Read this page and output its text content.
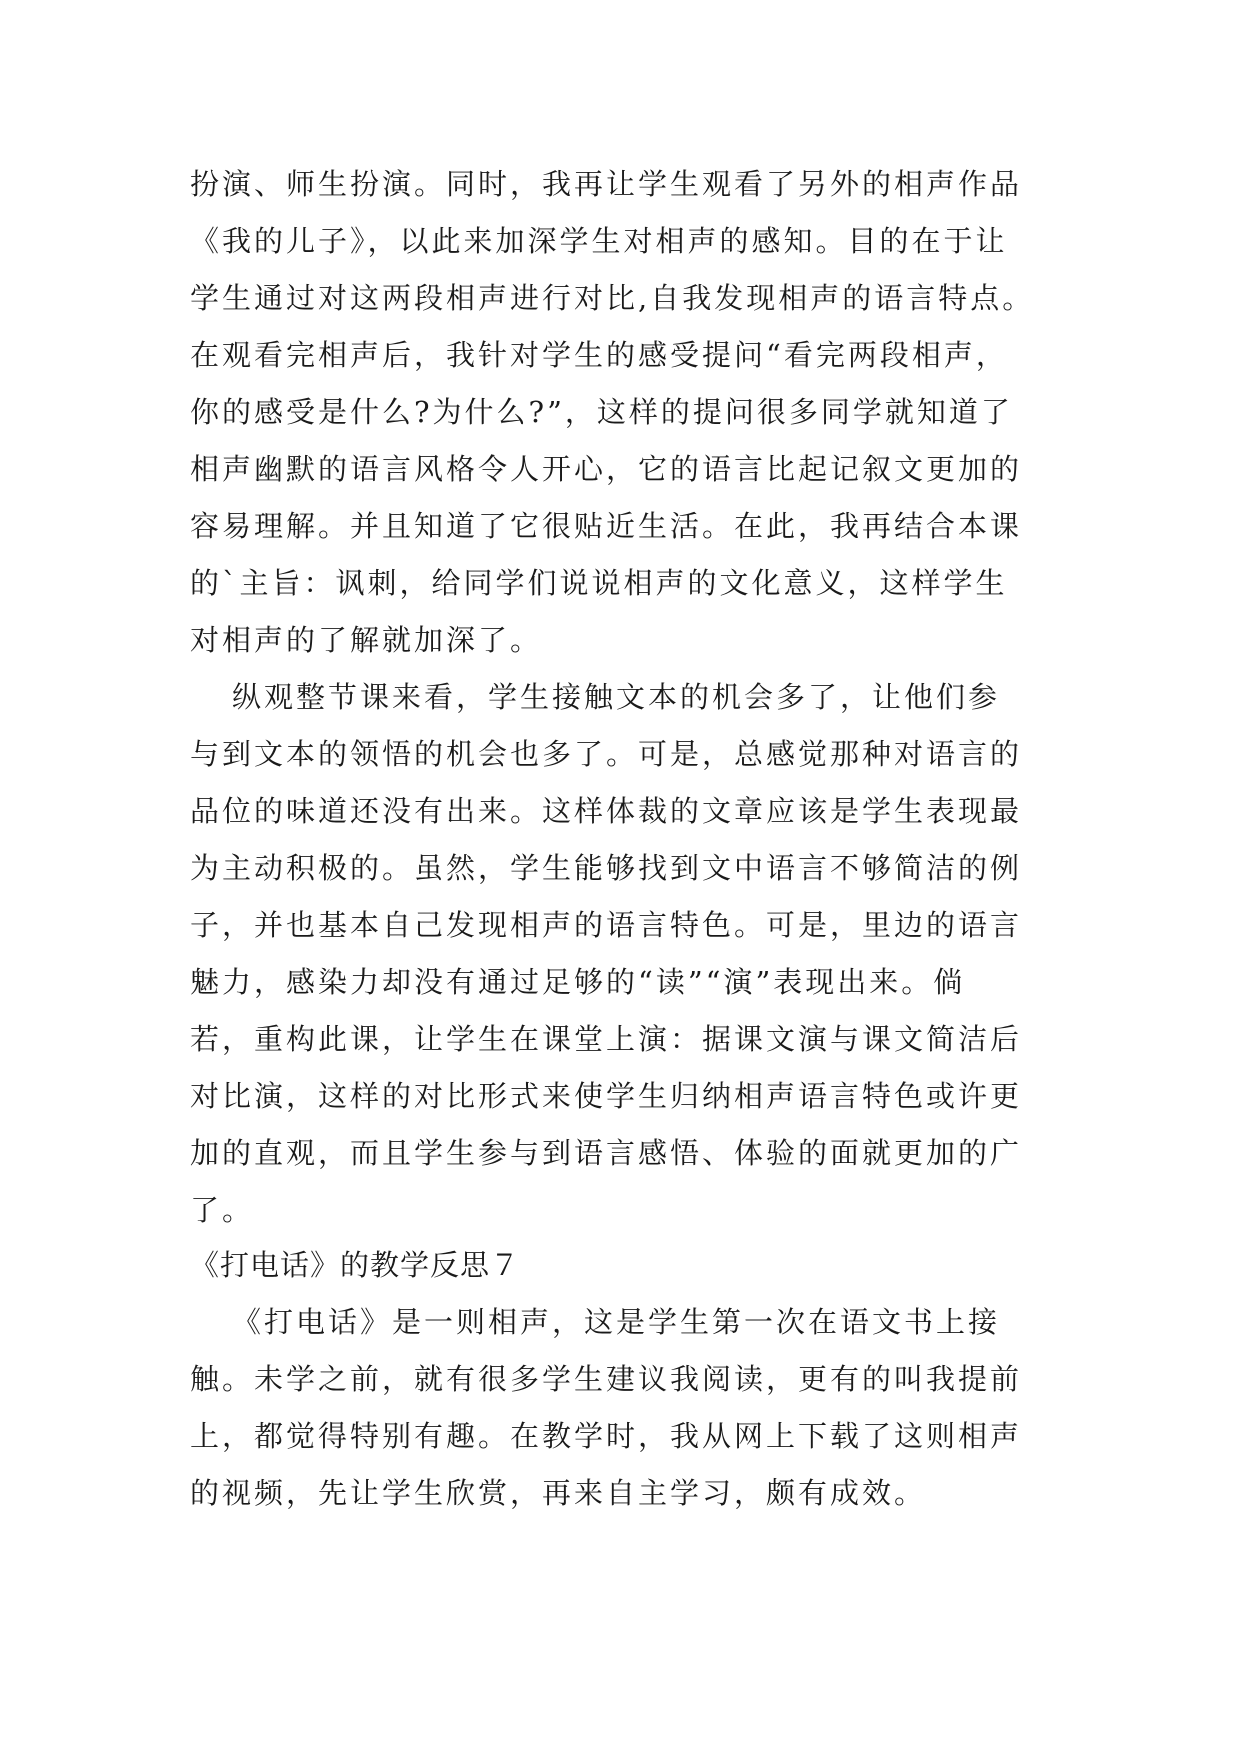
扮演、师生扮演。同时，我再让学生观看了另外的相声作品
《我的儿子》，以此来加深学生对相声的感知。目的在于让
学生通过对这两段相声进行对比,自我发现相声的语言特点。
在观看完相声后，我针对学生的感受提问“看完两段相声，
你的感受是什么?为什么?”，这样的提问很多同学就知道了
相声幽默的语言风格令人开心，它的语言比起记叙文更加的
容易理解。并且知道了它很贴近生活。在此，我再结合本课
的`主旨：讽刺，给同学们说说相声的文化意义，这样学生
对相声的了解就加深了。
纵观整节课来看，学生接触文本的机会多了，让他们参
与到文本的领悟的机会也多了。可是，总感觉那种对语言的
品位的味道还没有出来。这样体裁的文章应该是学生表现最
为主动积极的。虽然，学生能够找到文中语言不够简洁的例
子，并也基本自己发现相声的语言特色。可是，里边的语言
魅力，感染力却没有通过足够的“读”“演”表现出来。倘
若，重构此课，让学生在课堂上演：据课文演与课文简洁后
对比演，这样的对比形式来使学生归纳相声语言特色或许更
加的直观，而且学生参与到语言感悟、体验的面就更加的广
了。
《打电话》的教学反思７
《打电话》是一则相声，这是学生第一次在语文书上接
触。未学之前，就有很多学生建议我阅读，更有的叫我提前
上，都觉得特别有趣。在教学时，我从网上下载了这则相声
的视频，先让学生欣赏，再来自主学习，颇有成效。
